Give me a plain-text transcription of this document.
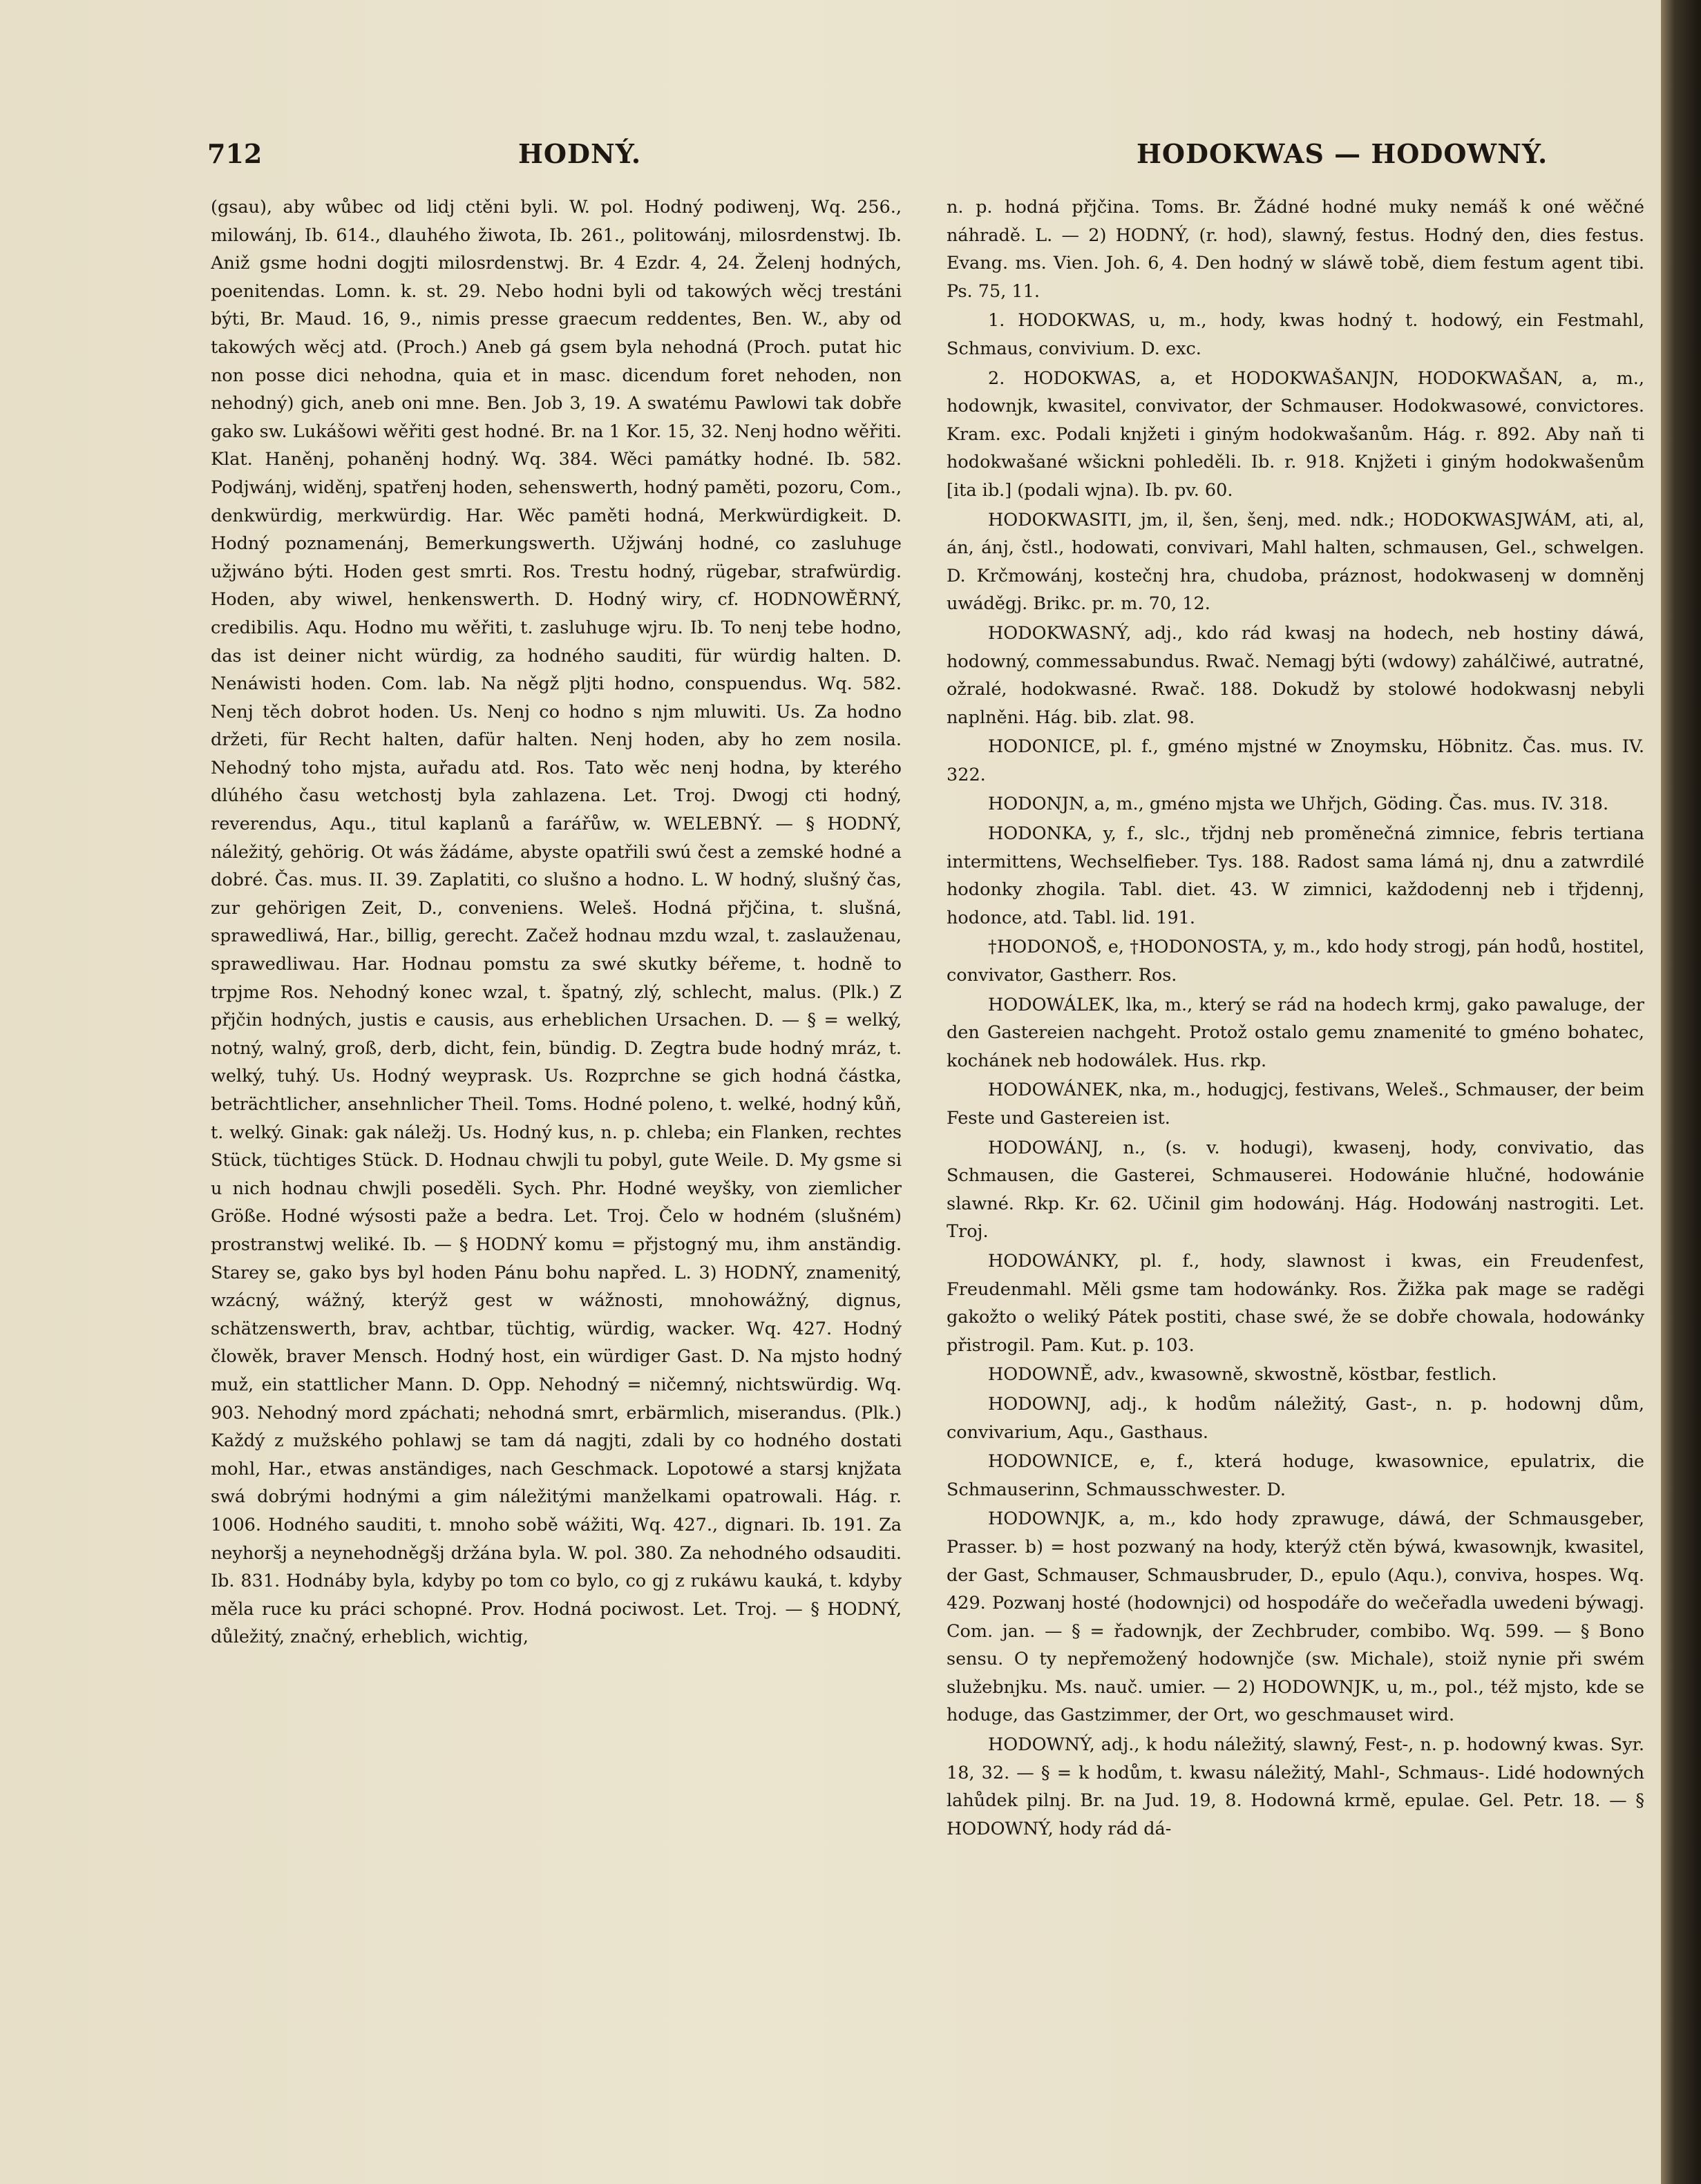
712	HODNÝ.	HODOKWAS — HODOWNÝ.

(gsau), aby wůbec od lidj ctěni byli. W. pol. Hodný podiwenj, Wq. 256., milowánj, Ib. 614., dlauhého žiwota, Ib. 261., politowánj, milosrdenstwj. Ib. Aniž gsme hodni dogjti milosrdenstwj. Br. 4 Ezdr. 4, 24. Želenj hodných, poenitendas. Lomn. k. st. 29. Nebo hodni byli od takowých wěcj trestáni býti, Br. Maud. 16, 9., nimis presse graecum reddentes, Ben. W., aby od takowých wěcj atd. (Proch.) Aneb gá gsem byla nehodná (Proch. putat hic non posse dici nehodna, quia et in masc. dicendum foret nehoden, non nehodný) gich, aneb oni mne. Ben. Job 3, 19. A swatému Pawlowi tak dobře gako sw. Lukášowi wěřiti gest hodné. Br. na 1 Kor. 15, 32. Nenj hodno wěřiti. Klat. Haněnj, pohaněnj hodný. Wq. 384. Wěci památky hodné. Ib. 582. Podjwánj, widěnj, spatřenj hoden, sehenswerth, hodný paměti, pozoru, Com., denkwürdig, merkwürdig. Har. Wěc paměti hodná, Merkwürdigkeit. D. Hodný poznamenánj, Bemerkungswerth. Užjwánj hodné, co zasluhuge užjwáno býti. Hoden gest smrti. Ros. Trestu hodný, rügebar, strafwürdig. Hoden, aby wiwel, henkenswerth. D. Hodný wiry, cf. HODNOWĚRNÝ, credibilis. Aqu. Hodno mu wěřiti, t. zasluhuge wjru. Ib. To nenj tebe hodno, das ist deiner nicht würdig, za hodného sauditi, für würdig halten. D. Nenáwisti hoden. Com. lab. Na něgž pljti hodno, conspuendus. Wq. 582. Nenj těch dobrot hoden. Us. Nenj co hodno s njm mluwiti. Us. Za hodno držeti, für Recht halten, dafür halten. Nenj hoden, aby ho zem nosila. Nehodný toho mjsta, auřadu atd. Ros. Tato wěc nenj hodna, by kterého dlúhého času wetchostj byla zahlazena. Let. Troj. Dwogj cti hodný, reverendus, Aqu., titul kaplanů a farářůw, w. WELEBNÝ. — § HODNÝ, náležitý, gehörig. Ot wás žádáme, abyste opatřili swú čest a zemské hodné a dobré. Čas. mus. II. 39. Zaplatiti, co slušno a hodno. L. W hodný, slušný čas, zur gehörigen Zeit, D., conveniens. Weleš. Hodná přjčina, t. slušná, sprawedliwá, Har., billig, gerecht. Začež hodnau mzdu wzal, t. zaslauženau, sprawedliwau. Har. Hodnau pomstu za swé skutky béřeme, t. hodně to trpjme Ros. Nehodný konec wzal, t. špatný, zlý, schlecht, malus. (Plk.) Z přjčin hodných, justis e causis, aus erheblichen Ursachen. D. — § = welký, notný, walný, groß, derb, dicht, fein, bündig. D. Zegtra bude hodný mráz, t. welký, tuhý. Us. Hodný weyprask. Us. Rozprchne se gich hodná částka, beträchtlicher, ansehnlicher Theil. Toms. Hodné poleno, t. welké, hodný kůň, t. welký. Ginak: gak náležj. Us. Hodný kus, n. p. chleba; ein Flanken, rechtes Stück, tüchtiges Stück. D. Hodnau chwjli tu pobyl, gute Weile. D. My gsme si u nich hodnau chwjli poseděli. Sych. Phr. Hodné weyšky, von ziemlicher Größe. Hodné wýsosti paže a bedra. Let. Troj. Čelo w hodném (slušném) prostranstwj weliké. Ib. — § HODNÝ komu = přjstogný mu, ihm anständig. Starey se, gako bys byl hoden Pánu bohu napřed. L. 3) HODNÝ, znamenitý, wzácný, wážný, kterýž gest w wážnosti, mnohowážný, dignus, schätzenswerth, brav, achtbar, tüchtig, würdig, wacker. Wq. 427. Hodný člowěk, braver Mensch. Hodný host, ein würdiger Gast. D. Na mjsto hodný muž, ein stattlicher Mann. D. Opp. Nehodný = ničemný, nichtswürdig. Wq. 903. Nehodný mord zpáchati; nehodná smrt, erbärmlich, miserandus. (Plk.) Každý z mužského pohlawj se tam dá nagjti, zdali by co hodného dostati mohl, Har., etwas anständiges, nach Geschmack. Lopotowé a starsj knjžata swá dobrými hodnými a gim náležitými manželkami opatrowali. Hág. r. 1006. Hodného sauditi, t. mnoho sobě wážiti, Wq. 427., dignari. Ib. 191. Za neyhoršj a neynehodněgšj držána byla. W. pol. 380. Za nehodného odsauditi. Ib. 831. Hodnáby byla, kdyby po tom co bylo, co gj z rukáwu kauká, t. kdyby měla ruce ku práci schopné. Prov. Hodná pociwost. Let. Troj. — § HODNÝ, důležitý, značný, erheblich, wichtig,

n. p. hodná přjčina. Toms. Br. Žádné hodné muky nemáš k oné wěčné náhradě. L. — 2) HODNÝ, (r. hod), slawný, festus. Hodný den, dies festus. Evang. ms. Vien. Joh. 6, 4. Den hodný w sláwě tobě, diem festum agent tibi. Ps. 75, 11.

1. HODOKWAS, u, m., hody, kwas hodný t. hodowý, ein Festmahl, Schmaus, convivium. D. exc.

2. HODOKWAS, a, et HODOKWAŠANJN, HODOKWAŠAN, a, m., hodownjk, kwasitel, convivator, der Schmauser. Hodokwasowé, convictores. Kram. exc. Podali knjžeti i giným hodokwašanům. Hág. r. 892. Aby naň ti hodokwašané wšickni pohleděli. Ib. r. 918. Knjžeti i giným hodokwašenům [ita ib.] (podali wjna). Ib. pv. 60.

HODOKWASITI, jm, il, šen, šenj, med. ndk.; HODOKWASJWÁM, ati, al, án, ánj, čstl., hodowati, convivari, Mahl halten, schmausen, Gel., schwelgen. D. Krčmowánj, kostečnj hra, chudoba, práznost, hodokwasenj w domněnj uwáděgj. Brikc. pr. m. 70, 12.

HODOKWASNÝ, adj., kdo rád kwasj na hodech, neb hostiny dáwá, hodowný, commessabundus. Rwač. Nemagj býti (wdowy) zahálčiwé, autratné, ožralé, hodokwasné. Rwač. 188. Dokudž by stolowé hodokwasnj nebyli naplněni. Hág. bib. zlat. 98.

HODONICE, pl. f., gméno mjstné w Znoymsku, Höbnitz. Čas. mus. IV. 322.

HODONJN, a, m., gméno mjsta we Uhřjch, Göding. Čas. mus. IV. 318.

HODONKA, y, f., slc., třjdnj neb proměnečná zimnice, febris tertiana intermittens, Wechselfieber. Tys. 188. Radost sama lámá nj, dnu a zatwrdilé hodonky zhogila. Tabl. diet. 43. W zimnici, každodennj neb i třjdennj, hodonce, atd. Tabl. lid. 191.

†HODONOŠ, e, †HODONOSTA, y, m., kdo hody strogj, pán hodů, hostitel, convivator, Gastherr. Ros.

HODOWÁLEK, lka, m., který se rád na hodech krmj, gako pawaluge, der den Gastereien nachgeht. Protož ostalo gemu znamenité to gméno bohatec, kochánek neb hodowálek. Hus. rkp.

HODOWÁNEK, nka, m., hodugjcj, festivans, Weleš., Schmauser, der beim Feste und Gastereien ist.

HODOWÁNJ, n., (s. v. hodugi), kwasenj, hody, convivatio, das Schmausen, die Gasterei, Schmauserei. Hodowánie hlučné, hodowánie slawné. Rkp. Kr. 62. Učinil gim hodowánj. Hág. Hodowánj nastrogiti. Let. Troj.

HODOWÁNKY, pl. f., hody, slawnost i kwas, ein Freudenfest, Freudenmahl. Měli gsme tam hodowánky. Ros. Žižka pak mage se raděgi gakožto o weliký Pátek postiti, chase swé, že se dobře chowala, hodowánky přistrogil. Pam. Kut. p. 103.

HODOWNĚ, adv., kwasowně, skwostně, köstbar, festlich.

HODOWNJ, adj., k hodům náležitý, Gast-, n. p. hodownj dům, convivarium, Aqu., Gasthaus.

HODOWNICE, e, f., která hoduge, kwasownice, epulatrix, die Schmauserinn, Schmausschwester. D.

HODOWNJK, a, m., kdo hody zprawuge, dáwá, der Schmausgeber, Prasser. b) = host pozwaný na hody, kterýž ctěn býwá, kwasownjk, kwasitel, der Gast, Schmauser, Schmausbruder, D., epulo (Aqu.), conviva, hospes. Wq. 429. Pozwanj hosté (hodownjci) od hospodáře do wečeřadla uwedeni býwagj. Com. jan. — § = řadownjk, der Zechbruder, combibo. Wq. 599. — § Bono sensu. O ty nepřemožený hodownjče (sw. Michale), stoiž nynie při swém služebnjku. Ms. nauč. umier. — 2) HODOWNJK, u, m., pol., též mjsto, kde se hoduge, das Gastzimmer, der Ort, wo geschmauset wird.

HODOWNÝ, adj., k hodu náležitý, slawný, Fest-, n. p. hodowný kwas. Syr. 18, 32. — § = k hodům, t. kwasu náležitý, Mahl-, Schmaus-. Lidé hodowných lahůdek pilnj. Br. na Jud. 19, 8. Hodowná krmě, epulae. Gel. Petr. 18. — § HODOWNÝ, hody rád dá-
